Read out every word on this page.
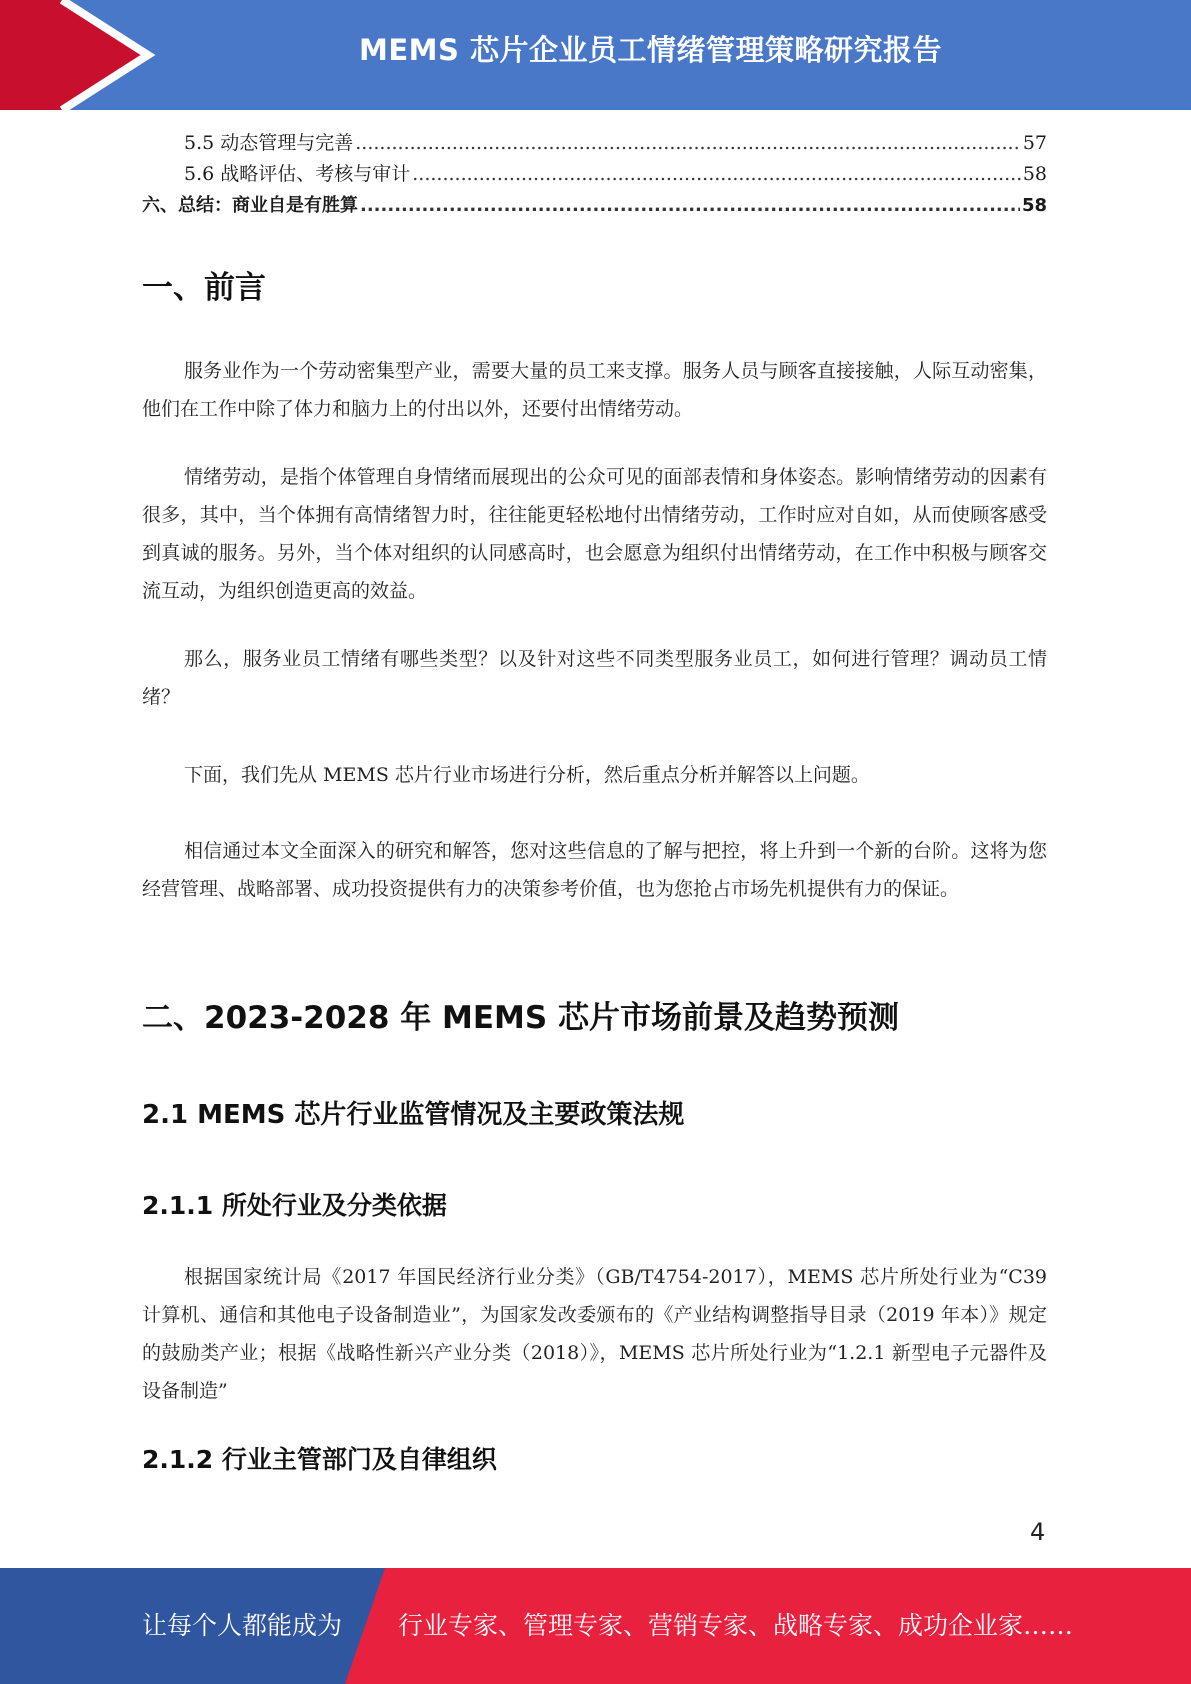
MEMS 芯片企业员工情绪管理策略研究报告
5.5 动态管理与完善 .....	57
5.6 战略评估、考核与审计 .....	58
六、总结：商业自是有胜算 .....	58
一、前言

服务业作为一个劳动密集型产业，需要大量的员工来支撑。服务人员与顾客直接接触，人际互动密集，他们在工作中除了体力和脑力上的付出以外，还要付出情绪劳动。

情绪劳动，是指个体管理自身情绪而展现出的公众可见的面部表情和身体姿态。影响情绪劳动的因素有很多，其中，当个体拥有高情绪智力时，往往能更轻松地付出情绪劳动，工作时应对自如，从而使顾客感受到真诚的服务。另外，当个体对组织的认同感高时，也会愿意为组织付出情绪劳动，在工作中积极与顾客交流互动，为组织创造更高的效益。

那么，服务业员工情绪有哪些类型？以及针对这些不同类型服务业员工，如何进行管理？调动员工情绪？

下面，我们先从 MEMS 芯片行业市场进行分析，然后重点分析并解答以上问题。

相信通过本文全面深入的研究和解答，您对这些信息的了解与把控，将上升到一个新的台阶。这将为您经营管理、战略部署、成功投资提供有力的决策参考价值，也为您抢占市场先机提供有力的保证。

二、2023-2028 年 MEMS 芯片市场前景及趋势预测
2.1 MEMS 芯片行业监管情况及主要政策法规
2.1.1 所处行业及分类依据

根据国家统计局《2017 年国民经济行业分类》（GB/T4754-2017），MEMS 芯片所处行业为“C39 计算机、通信和其他电子设备制造业”，为国家发改委颁布的《产业结构调整指导目录（2019 年本）》规定的鼓励类产业；根据《战略性新兴产业分类（2018）》，MEMS 芯片所处行业为“1.2.1 新型电子元器件及设备制造”

2.1.2 行业主管部门及自律组织
4
让每个人都能成为 行业专家、管理专家、营销专家、战略专家、成功企业家……
